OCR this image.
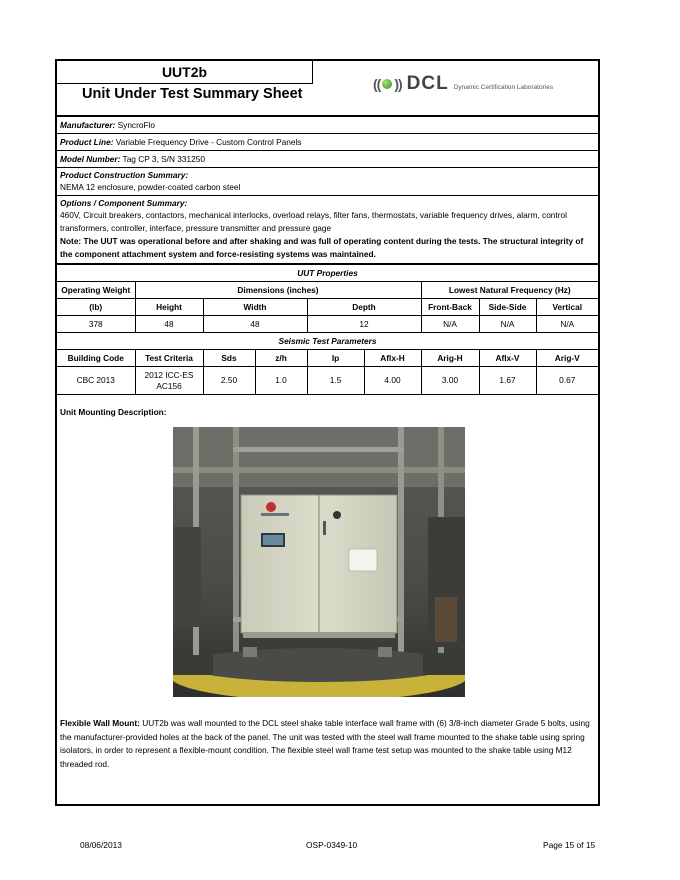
UUT2b
Unit Under Test Summary Sheet
(( )) DCL Dynamic Certification Laboratories
Manufacturer: SyncroFlo
Product Line: Variable Frequency Drive - Custom Control Panels
Model Number: Tag CP 3, S/N 331250
Product Construction Summary:
NEMA 12 enclosure, powder-coated carbon steel
Options / Component Summary:
460V, Circuit breakers, contactors, mechanical interlocks, overload relays, filter fans, thermostats, variable frequency drives, alarm, control transformers, controller, interface, pressure transmitter and pressure gage
Note: The UUT was operational before and after shaking and was full of operating content during the tests. The structural integrity of the component attachment system and force-resisting systems was maintained.
UUT Properties								
Operating Weight	Dimensions (inches)					Lowest Natural Frequency (Hz)		
(lb)	Height	Width		Depth		Front-Back	Side-Side	Vertical
378	48	48		12		N/A	N/A	N/A
Seismic Test Parameters								
Building Code	Test Criteria	Sds	z/h	Ip	Aflx-H	Arig-H	Aflx-V	Arig-V
CBC 2013	2012 ICC-ES AC156	2.50	1.0	1.5	4.00	3.00	1.67	0.67
Unit Mounting Description:
Flexible Wall Mount: UUT2b was wall mounted to the DCL steel shake table interface wall frame with (6) 3/8-inch diameter Grade 5 bolts, using the manufacturer-provided holes at the back of the panel. The unit was tested with the steel wall frame mounted to the shake table using spring isolators, in order to represent a flexible-mount condition. The flexible steel wall frame test setup was mounted to the shake table using M12 threaded rod.
08/06/2013	OSP-0349-10	Page 15 of 15
